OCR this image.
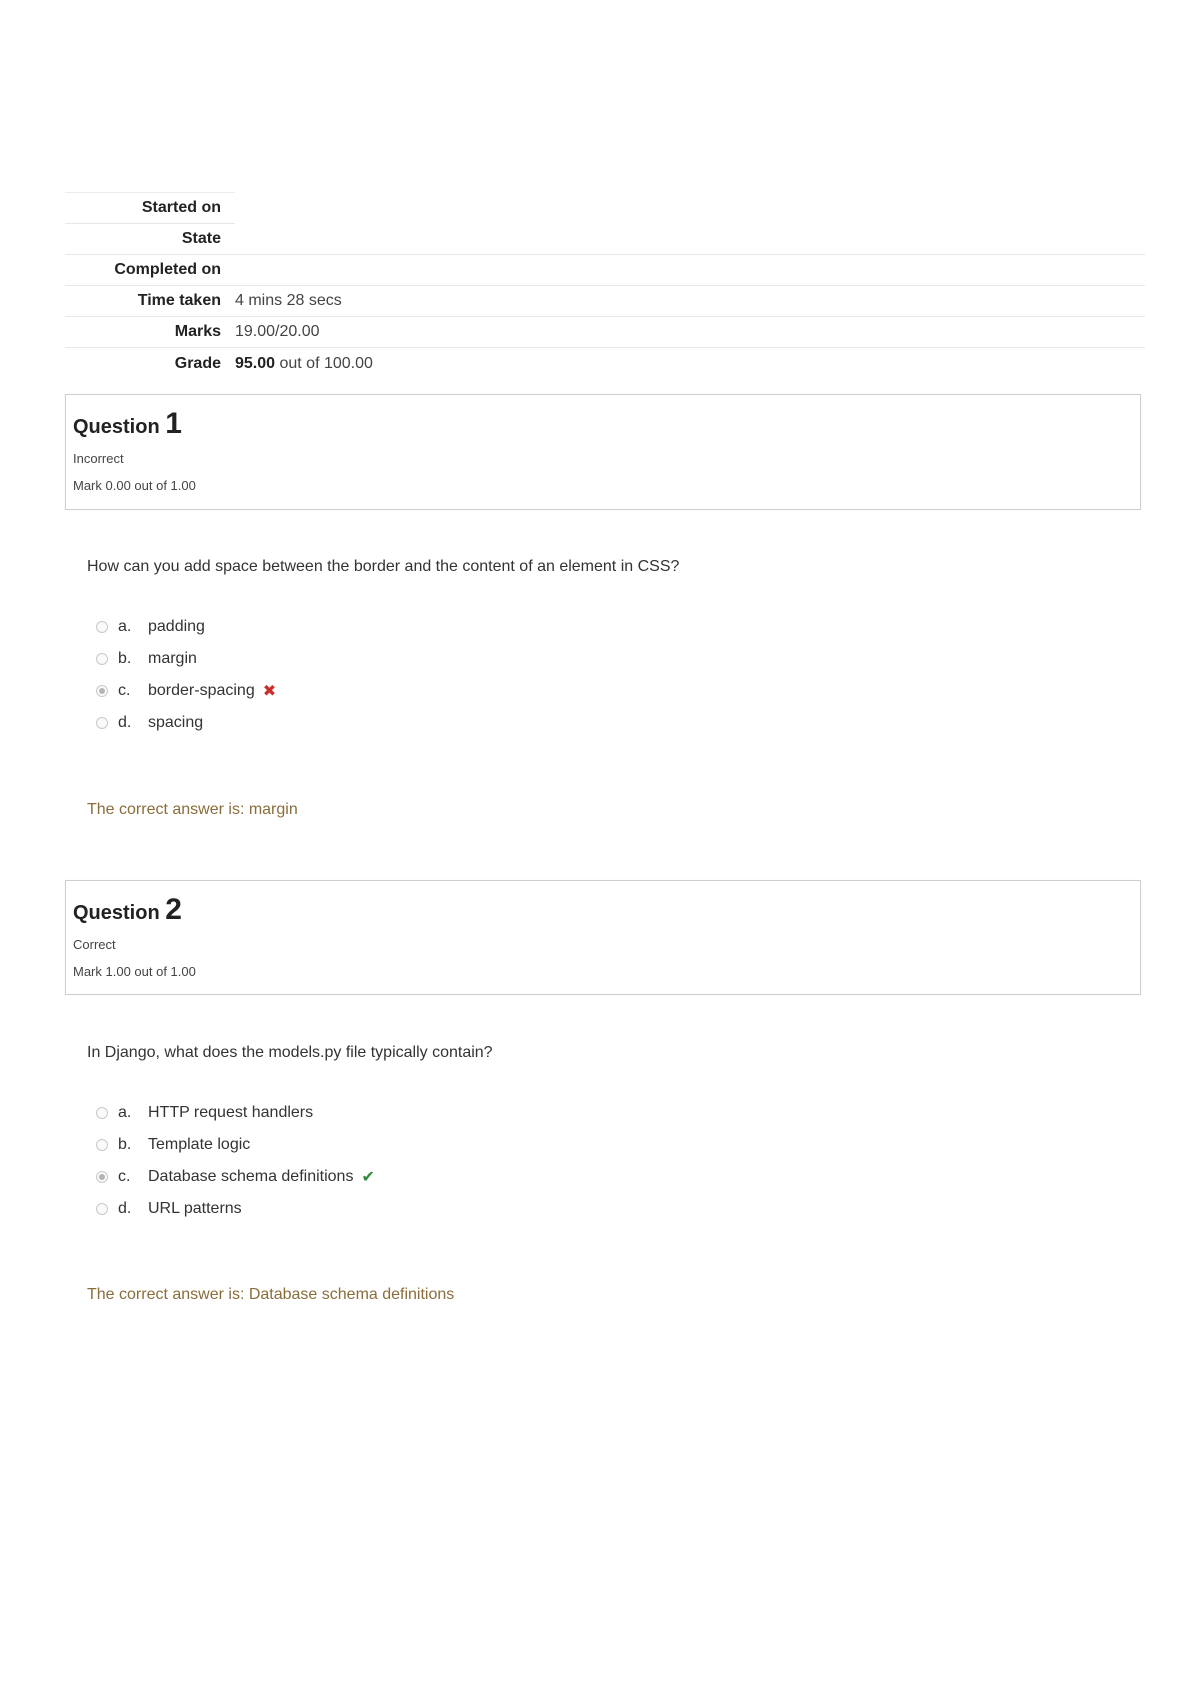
Started on	
State	
Completed on	
Time taken	4 mins 28 secs
Marks	19.00/20.00
Grade	95.00 out of 100.00
Question 1
Incorrect
Mark 0.00 out of 1.00
How can you add space between the border and the content of an element in CSS?
a.	padding
b.	margin
c.	border-spacing ✖
d.	spacing
The correct answer is: margin
Question 2
Correct
Mark 1.00 out of 1.00
In Django, what does the models.py file typically contain?
a.	HTTP request handlers
b.	Template logic
c.	Database schema definitions ✔
d.	URL patterns
The correct answer is: Database schema definitions
